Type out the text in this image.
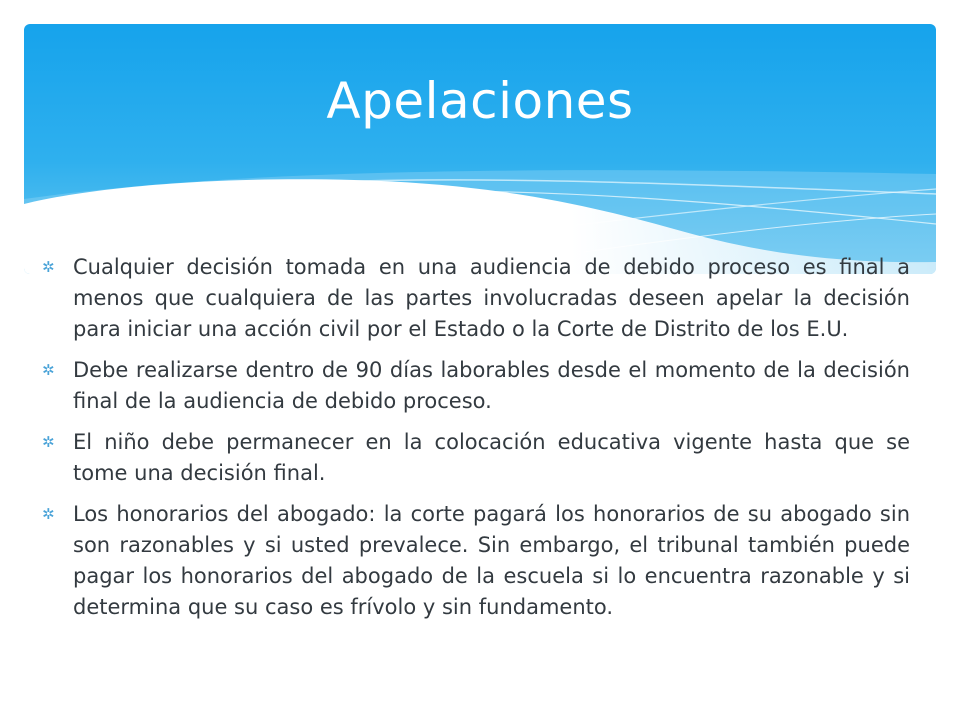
Apelaciones
✲ Cualquier decisión tomada en una audiencia de debido proceso es final a menos que cualquiera de las partes involucradas deseen apelar la decisión para iniciar una acción civil por el Estado o la Corte de Distrito de los E.U.
✲ Debe realizarse dentro de 90 días laborables desde el momento de la decisión final de la audiencia de debido proceso.
✲ El niño debe permanecer en la colocación educativa vigente hasta que se tome una decisión final.
✲ Los honorarios del abogado: la corte pagará los honorarios de su abogado sin son razonables y si usted prevalece. Sin embargo, el tribunal también puede pagar los honorarios del abogado de la escuela si lo encuentra razonable y si determina que su caso es frívolo y sin fundamento.
